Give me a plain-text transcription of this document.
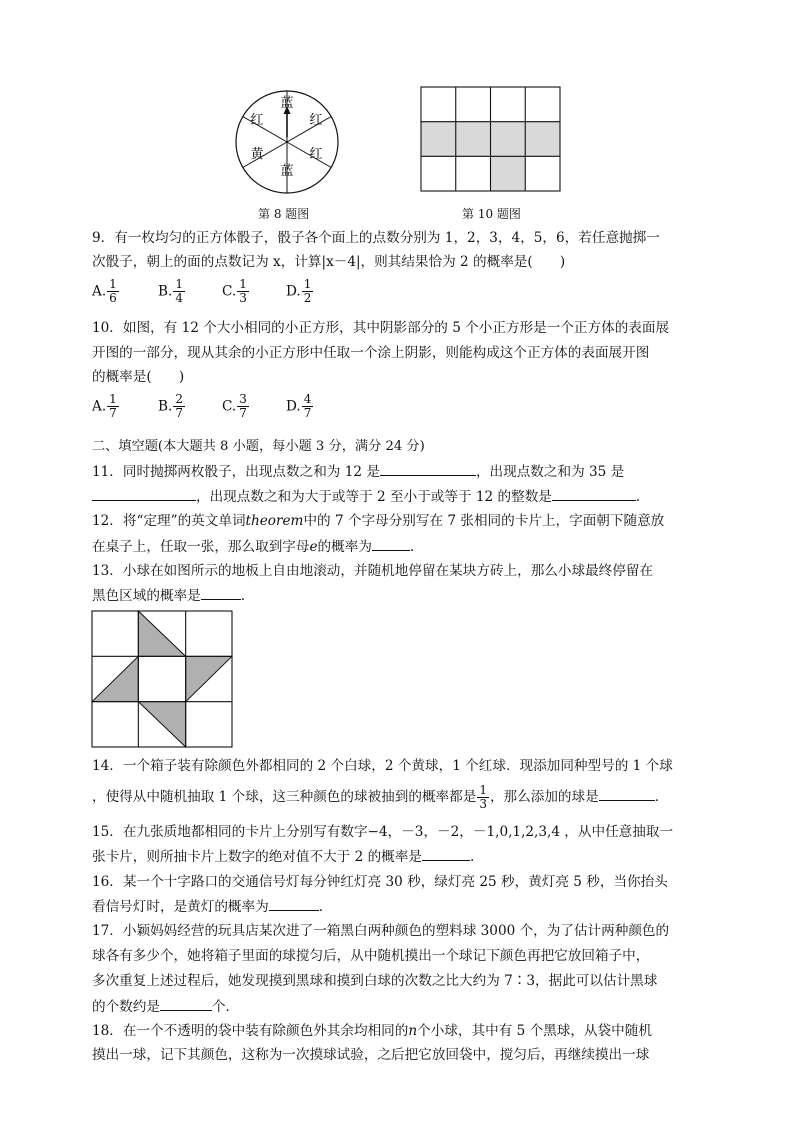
蓝
红
红
蓝
黄
红
第 8 题图	第 10 题图
9．有一枚均匀的正方体骰子，骰子各个面上的点数分别为 1，2，3，4，5，6，若任意抛掷一
次骰子，朝上的面的点数记为 x，计算|x－4|，则其结果恰为 2 的概率是(　　)
A. $\frac{1}{6}$	B. $\frac{1}{4}$	C. $\frac{1}{3}$	D. $\frac{1}{2}$
10．如图，有 12 个大小相同的小正方形，其中阴影部分的 5 个小正方形是一个正方体的表面展
开图的一部分，现从其余的小正方形中任取一个涂上阴影，则能构成这个正方体的表面展开图
的概率是(　　)
A. $\frac{1}{7}$	B. $\frac{2}{7}$	C. $\frac{3}{7}$	D. $\frac{4}{7}$
二、填空题(本大题共 8 小题，每小题 3 分，满分 24 分)
11．同时抛掷两枚骰子，出现点数之和为 12 是	，出现点数之和为 35 是
，出现点数之和为大于或等于 2 至小于或等于 12 的整数是	．
12．将“定理”的英文单词theorem中的 7 个字母分别写在 7 张相同的卡片上，字面朝下随意放
在桌子上，任取一张，那么取到字母e的概率为	.
13．小球在如图所示的地板上自由地滚动，并随机地停留在某块方砖上，那么小球最终停留在
黑色区域的概率是	.
14．一个箱子装有除颜色外都相同的 2 个白球，2 个黄球，1 个红球．现添加同种型号的 1 个球
，使得从中随机抽取 1 个球，这三种颜色的球被抽到的概率都是 $\frac{1}{3}$ ，那么添加的球是	．
15．在九张质地都相同的卡片上分别写有数字−4，－3，－2，－1,0,1,2,3,4 ，从中任意抽取一
张卡片，则所抽卡片上数字的绝对值不大于 2 的概率是	.
16．某一个十字路口的交通信号灯每分钟红灯亮 30 秒，绿灯亮 25 秒，黄灯亮 5 秒，当你抬头
看信号灯时，是黄灯的概率为	.
17．小颖妈妈经营的玩具店某次进了一箱黑白两种颜色的塑料球 3000 个，为了估计两种颜色的
球各有多少个，她将箱子里面的球搅匀后，从中随机摸出一个球记下颜色再把它放回箱子中，
多次重复上述过程后，她发现摸到黑球和摸到白球的次数之比大约为 7∶3，据此可以估计黑球
的个数约是	个．
18．在一个不透明的袋中装有除颜色外其余均相同的n个小球，其中有 5 个黑球，从袋中随机
摸出一球，记下其颜色，这称为一次摸球试验，之后把它放回袋中，搅匀后，再继续摸出一球
